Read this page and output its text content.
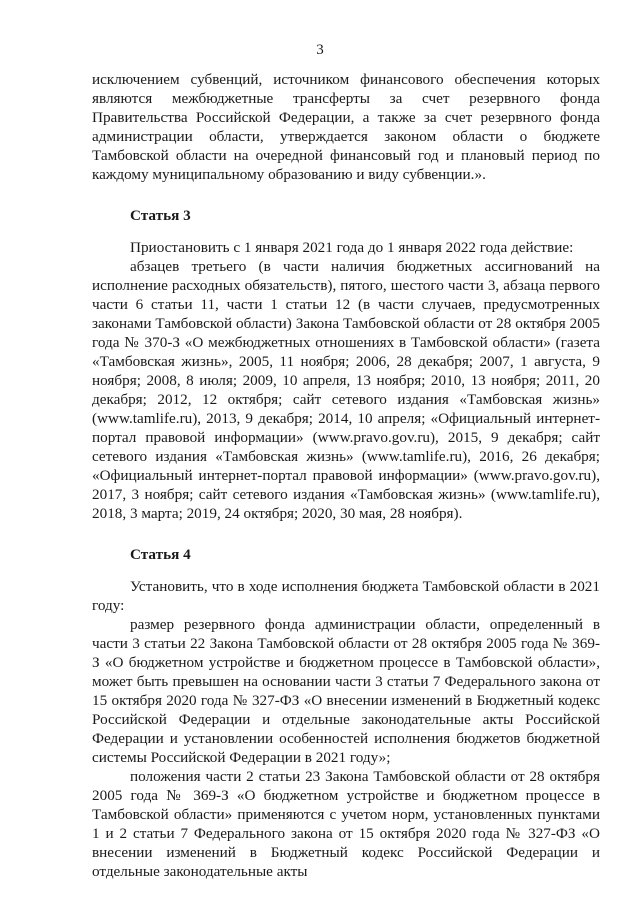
3

исключением субвенций, источником финансового обеспечения которых являются межбюджетные трансферты за счет резервного фонда Правительства Российской Федерации, а также за счет резервного фонда администрации области, утверждается законом области о бюджете Тамбовской области на очередной финансовый год и плановый период по каждому муниципальному образованию и виду субвенции.».

Статья 3

Приостановить с 1 января 2021 года до 1 января 2022 года действие:

абзацев третьего (в части наличия бюджетных ассигнований на исполнение расходных обязательств), пятого, шестого части 3, абзаца первого части 6 статьи 11, части 1 статьи 12 (в части случаев, предусмотренных законами Тамбовской области) Закона Тамбовской области от 28 октября 2005 года № 370-З «О межбюджетных отношениях в Тамбовской области» (газета «Тамбовская жизнь», 2005, 11 ноября; 2006, 28 декабря; 2007, 1 августа, 9 ноября; 2008, 8 июля; 2009, 10 апреля, 13 ноября; 2010, 13 ноября; 2011, 20 декабря; 2012, 12 октября; сайт сетевого издания «Тамбовская жизнь» (www.tamlife.ru), 2013, 9 декабря; 2014, 10 апреля; «Официальный интернет-портал правовой информации» (www.pravo.gov.ru), 2015, 9 декабря; сайт сетевого издания «Тамбовская жизнь» (www.tamlife.ru), 2016, 26 декабря; «Официальный интернет-портал правовой информации» (www.pravo.gov.ru), 2017, 3 ноября; сайт сетевого издания «Тамбовская жизнь» (www.tamlife.ru), 2018, 3 марта; 2019, 24 октября; 2020, 30 мая, 28 ноября).

Статья 4

Установить, что в ходе исполнения бюджета Тамбовской области в 2021 году:

размер резервного фонда администрации области, определенный в части 3 статьи 22 Закона Тамбовской области от 28 октября 2005 года № 369-З «О бюджетном устройстве и бюджетном процессе в Тамбовской области», может быть превышен на основании части 3 статьи 7 Федерального закона от 15 октября 2020 года № 327-ФЗ «О внесении изменений в Бюджетный кодекс Российской Федерации и отдельные законодательные акты Российской Федерации и установлении особенностей исполнения бюджетов бюджетной системы Российской Федерации в 2021 году»;

положения части 2 статьи 23 Закона Тамбовской области от 28 октября 2005 года № 369-З «О бюджетном устройстве и бюджетном процессе в Тамбовской области» применяются с учетом норм, установленных пунктами 1 и 2 статьи 7 Федерального закона от 15 октября 2020 года № 327-ФЗ «О внесении изменений в Бюджетный кодекс Российской Федерации и отдельные законодательные акты
